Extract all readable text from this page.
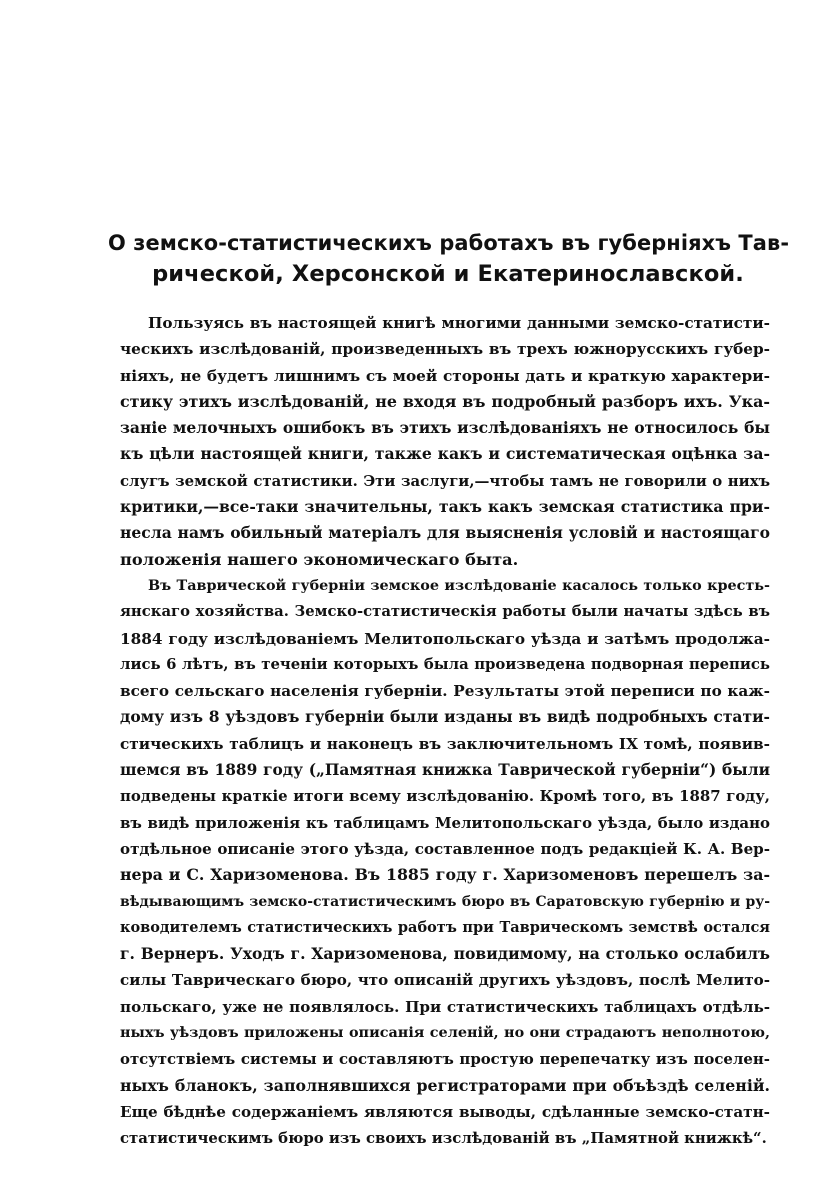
О земско-статистическихъ работахъ въ губерніяхъ Тав-
рической, Херсонской и Екатеринославской.
Пользуясь въ настоящей книгѣ многими данными земско-статисти-
ческихъ изслѣдованій, произведенныхъ въ трехъ южнорусскихъ губер-
ніяхъ, не будетъ лишнимъ съ моей стороны дать и краткую характери-
стику этихъ изслѣдованій, не входя въ подробный разборъ ихъ. Ука-
заніе мелочныхъ ошибокъ въ этихъ изслѣдованіяхъ не относилось бы
къ цѣли настоящей книги, также какъ и систематическая оцѣнка за-
слугъ земской статистики. Эти заслуги,—чтобы тамъ не говорили о нихъ
критики,—все-таки значительны, такъ какъ земская статистика при-
несла намъ обильный матеріалъ для выясненія условій и настоящаго
положенія нашего экономическаго быта.
Въ Таврической губерніи земское изслѣдованіе касалось только кресть-
янскаго хозяйства. Земско-статистическія работы были начаты здѣсь въ
1884 году изслѣдованіемъ Мелитопольскаго уѣзда и затѣмъ продолжа-
лись 6 лѣтъ, въ теченіи которыхъ была произведена подворная перепись
всего сельскаго населенія губерніи. Результаты этой переписи по каж-
дому изъ 8 уѣздовъ губерніи были изданы въ видѣ подробныхъ стати-
стическихъ таблицъ и наконецъ въ заключительномъ IX томѣ, появив-
шемся въ 1889 году („Памятная книжка Таврической губерніи“) были
подведены краткіе итоги всему изслѣдованію. Кромѣ того, въ 1887 году,
въ видѣ приложенія къ таблицамъ Мелитопольскаго уѣзда, было издано
отдѣльное описаніе этого уѣзда, составленное подъ редакціей К. А. Вер-
нера и С. Харизоменова. Въ 1885 году г. Харизоменовъ перешелъ за-
вѣдывающимъ земско-статистическимъ бюро въ Саратовскую губернію и ру-
ководителемъ статистическихъ работъ при Таврическомъ земствѣ остался
г. Вернеръ. Уходъ г. Харизоменова, повидимому, на столько ослабилъ
силы Таврическаго бюро, что описаній другихъ уѣздовъ, послѣ Мелито-
польскаго, уже не появлялось. При статистическихъ таблицахъ отдѣль-
ныхъ уѣздовъ приложены описанія селеній, но они страдаютъ неполнотою,
отсутствіемъ системы и составляютъ простую перепечатку изъ поселен-
ныхъ бланокъ, заполнявшихся регистраторами при объѣздѣ селеній.
Еще бѣднѣе содержаніемъ являются выводы, сдѣланные земско-статн-
статистическимъ бюро изъ своихъ изслѣдованій въ „Памятной книжкѣ“.
